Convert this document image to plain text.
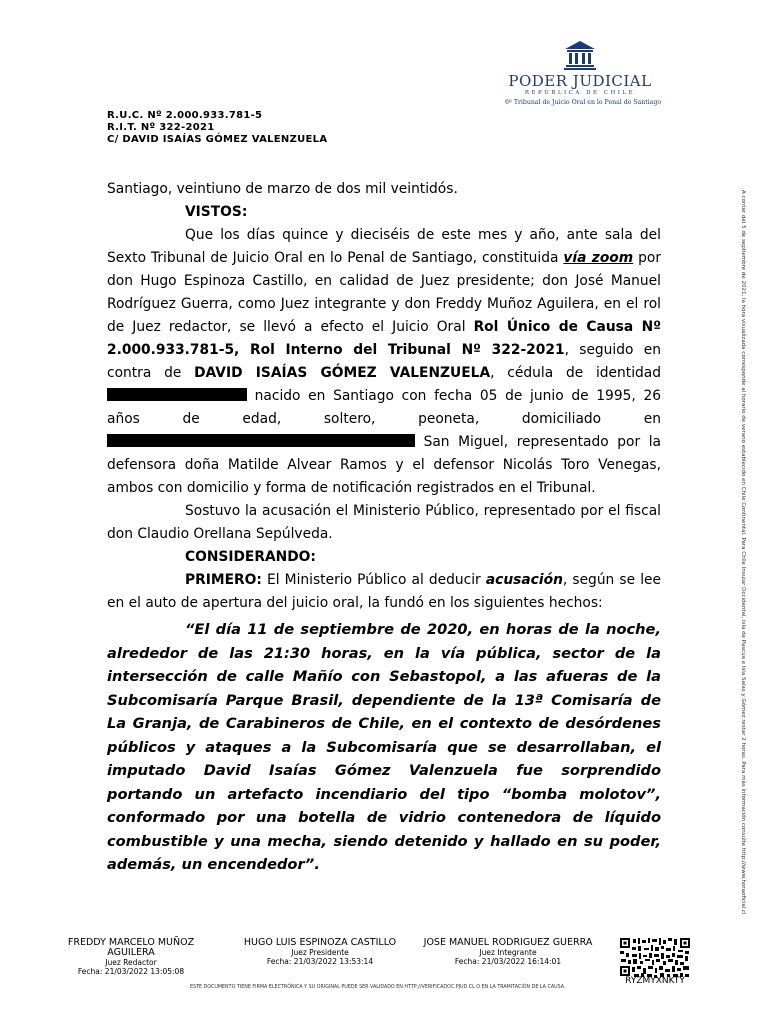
PODER JUDICIAL
REPÚBLICA DE CHILE
6º Tribunal de Juicio Oral en lo Penal de Santiago
R.U.C. Nº 2.000.933.781-5
R.I.T. Nº 322-2021
C/ DAVID ISAÍAS GÓMEZ VALENZUELA

Santiago, veintiuno de marzo de dos mil veintidós.

VISTOS:

Que los días quince y dieciséis de este mes y año, ante sala del Sexto Tribunal de Juicio Oral en lo Penal de Santiago, constituida vía zoom por don Hugo Espinoza Castillo, en calidad de Juez presidente; don José Manuel Rodríguez Guerra, como Juez integrante y don Freddy Muñoz Aguilera, en el rol de Juez redactor, se llevó a efecto el Juicio Oral Rol Único de Causa Nº 2.000.933.781-5, Rol Interno del Tribunal Nº 322-2021, seguido en contra de DAVID ISAÍAS GÓMEZ VALENZUELA, cédula de identidad  nacido en Santiago con fecha 05 de junio de 1995, 26 años de edad, soltero, peoneta, domiciliado en  San Miguel, representado por la defensora doña Matilde Alvear Ramos y el defensor Nicolás Toro Venegas, ambos con domicilio y forma de notificación registrados en el Tribunal.

Sostuvo la acusación el Ministerio Público, representado por el fiscal don Claudio Orellana Sepúlveda.

CONSIDERANDO:

PRIMERO: El Ministerio Público al deducir acusación, según se lee en el auto de apertura del juicio oral, la fundó en los siguientes hechos:

“El día 11 de septiembre de 2020, en horas de la noche, alrededor de las 21:30 horas, en la vía pública, sector de la intersección de calle Mañío con Sebastopol, a las afueras de la Subcomisaría Parque Brasil, dependiente de la 13ª Comisaría de La Granja, de Carabineros de Chile, en el contexto de desórdenes públicos y ataques a la Subcomisaría que se desarrollaban, el imputado David Isaías Gómez Valenzuela fue sorprendido portando un artefacto incendiario del tipo “bomba molotov”, conformado por una botella de vidrio contenedora de líquido combustible y una mecha, siendo detenido y hallado en su poder, además, un encendedor”.	A contar del 5 de septiembre de 2021, la hora visualizada corresponde al horario de verano establecido en Chile Continental. Para Chile Insular Occidental, Isla de Pascua e Isla Salas y Gómez restar 2 horas. Para más información consulte http://www.horaoficial.cl
FREDDY MARCELO MUÑOZ AGUILERA
Juez Redactor
Fecha: 21/03/2022 13:05:08
HUGO LUIS ESPINOZA CASTILLO
Juez Presidente
Fecha: 21/03/2022 13:53:14
JOSE MANUEL RODRIGUEZ GUERRA
Juez Integrante
Fecha: 21/03/2022 16:14:01
RYZMYXNKTY
ESTE DOCUMENTO TIENE FIRMA ELECTRÓNICA Y SU ORIGINAL PUEDE SER VALIDADO EN HTTP://VERIFICADOC.PJUD.CL O EN LA TRAMITACIÓN DE LA CAUSA.
